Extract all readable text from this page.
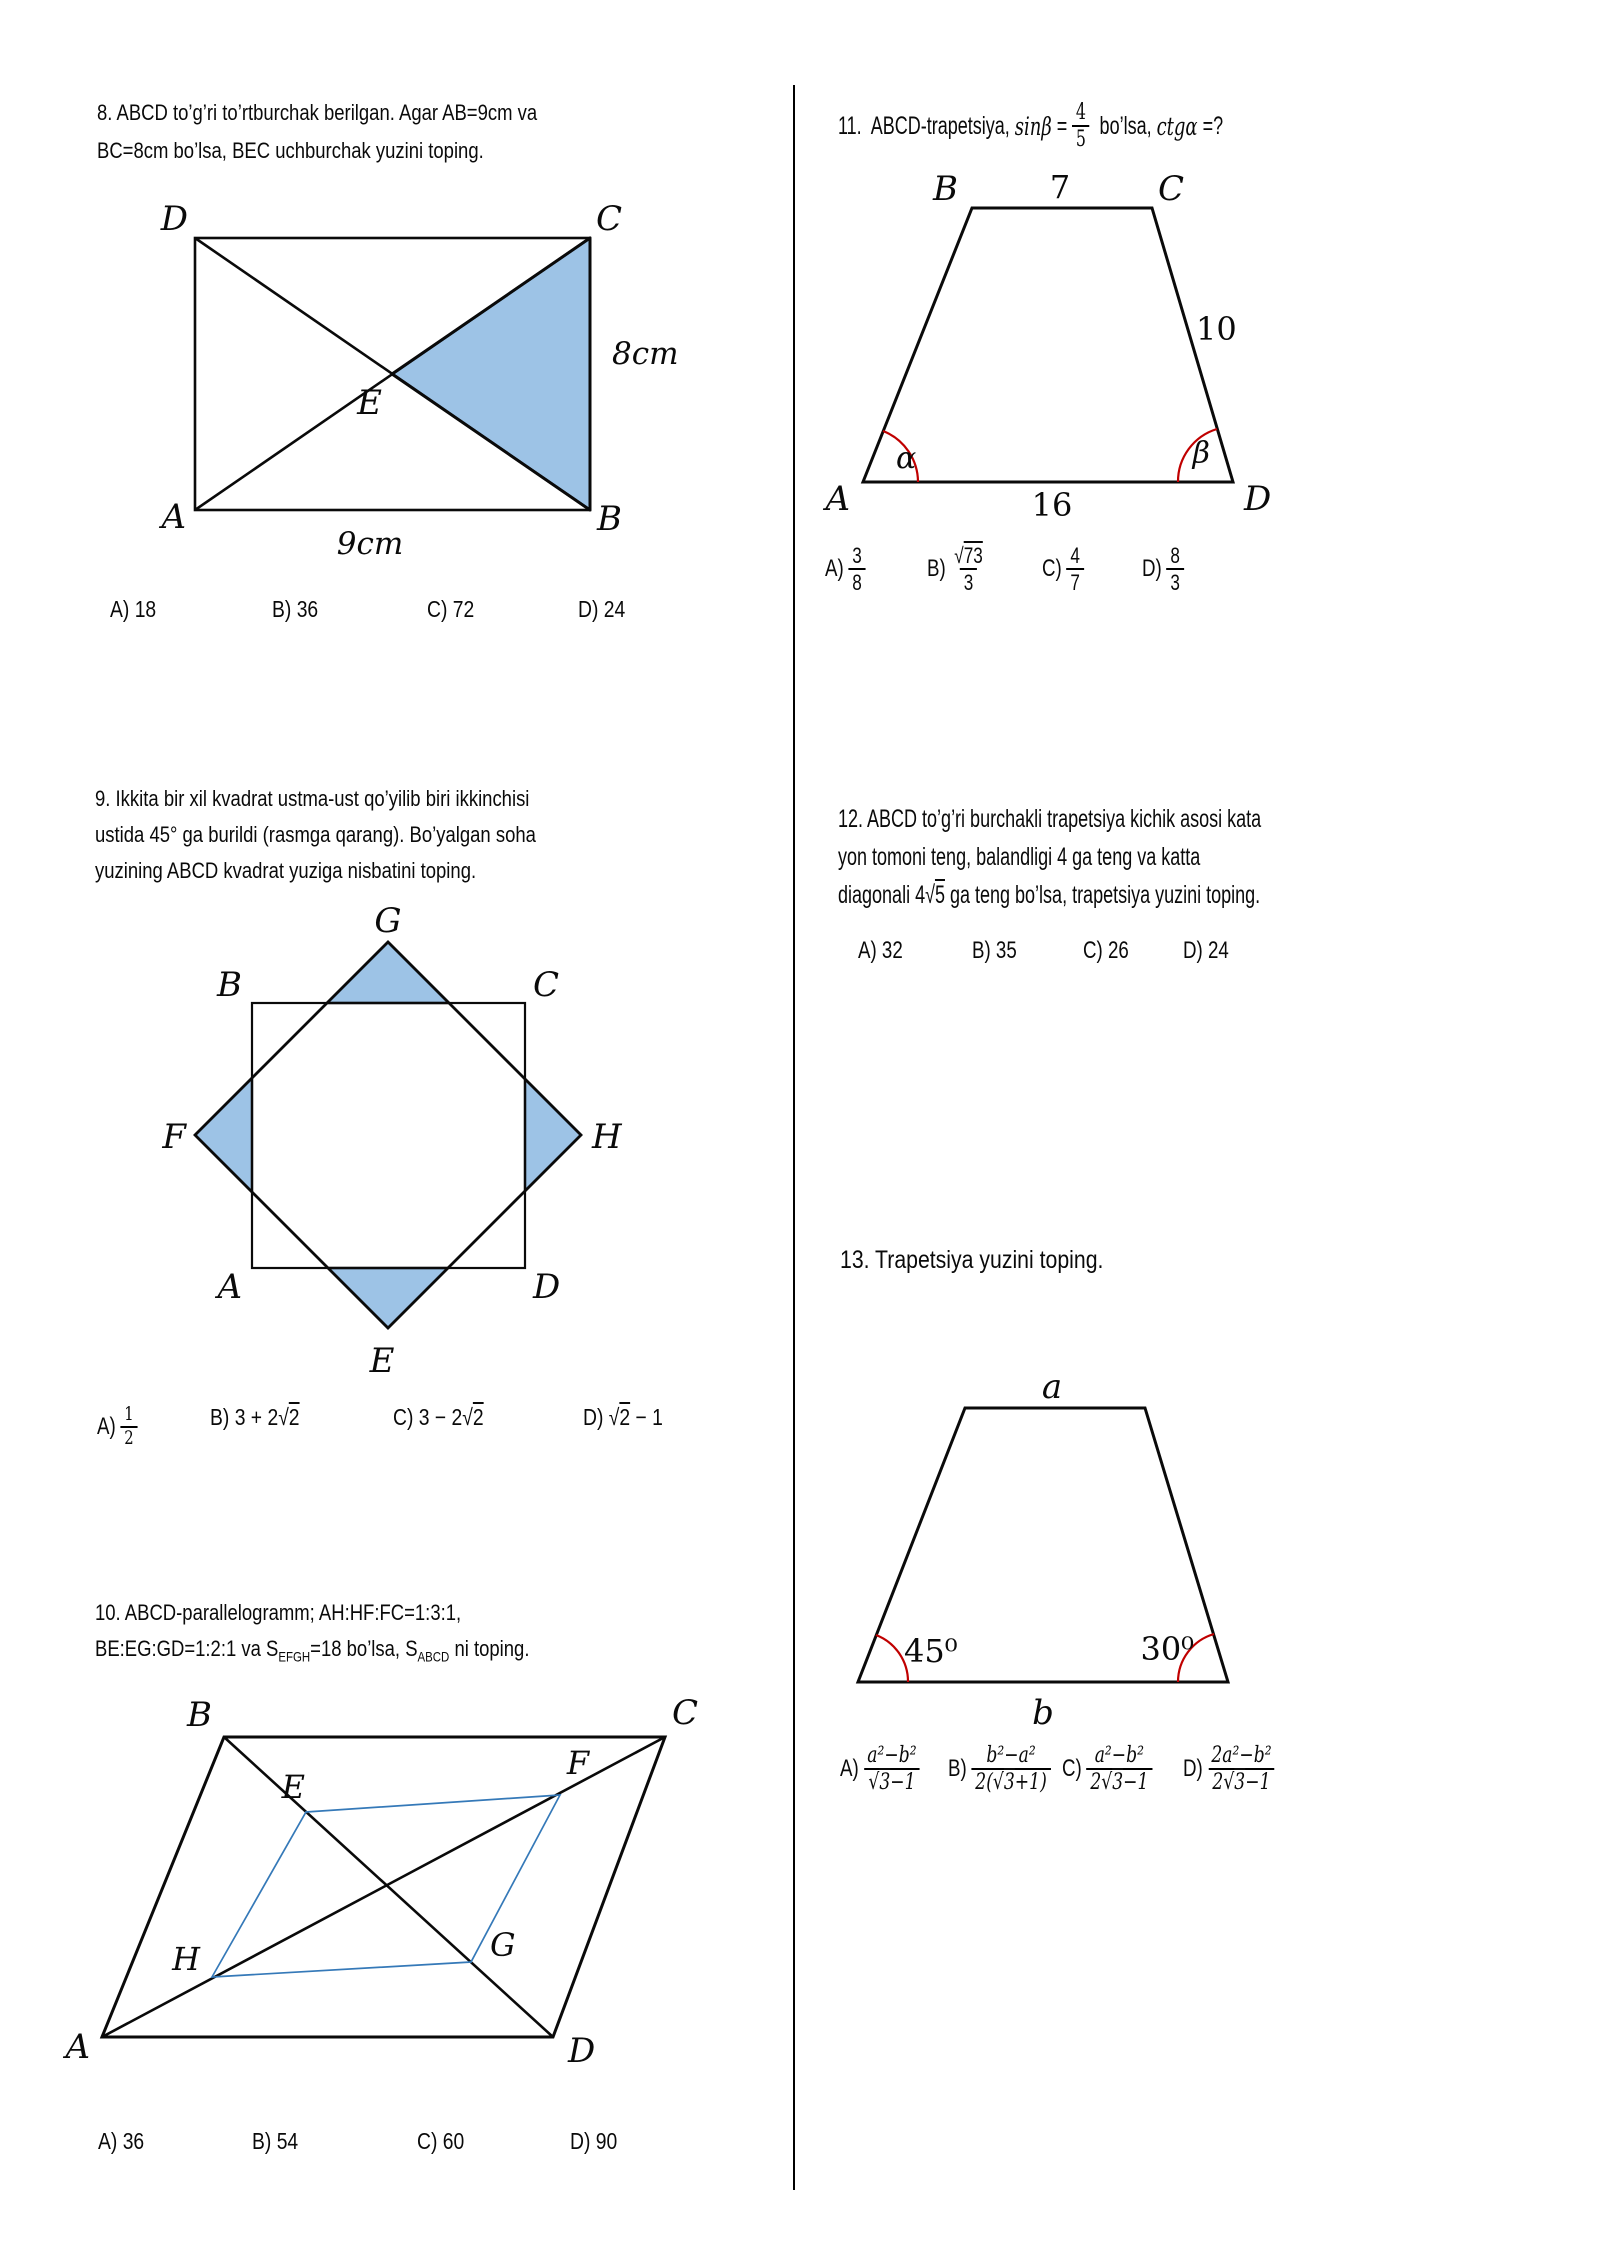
8. ABCD to’g’ri to’rtburchak berilgan. Agar AB=9cm va
BC=8cm bo’lsa, BEC uchburchak yuzini toping.
D	C
A	B
E
8cm
9cm
A) 18	B) 36	C) 72	D) 24
9. Ikkita bir xil kvadrat ustma-ust qo’yilib biri ikkinchisi
ustida 45° ga burildi (rasmga qarang). Bo’yalgan soha
yuzining ABCD kvadrat yuziga nisbatini toping.
G
B	C
F	H
A	D
E
$A) \frac{1}{2}$	B) 3 + 2√2	C) 3 − 2√2	D) √2 − 1
10. ABCD-parallelogramm; AH:HF:FC=1:3:1,
BE:EG:GD=1:2:1 va $S_{EFGH}=18$ bo’lsa, $S_{ABCD}$ ni toping.
B	C
A	D
E
F
G
H
A) 36	B) 54	C) 60	D) 90
11.  ABCD-trapetsiya, $\sin\beta = \frac{4}{5}$ bo’lsa, ctgα =?
B	C
A	D
7
10
16
α	β
$A) \frac{3}{8}$	$B) \frac{√73}{3} C) \frac{4}{7} D) \frac{8}{3}$
12. ABCD to’g’ri burchakli trapetsiya kichik asosi kata
yon tomoni teng, balandligi 4 ga teng va katta
diagonali 4√5 ga teng bo’lsa, trapetsiya yuzini toping.
A) 32	B) 35	C) 26 D) 24
13. Trapetsiya yuzini toping.
a
b
45⁰	30⁰
$A) \frac{\text{a²−b²}}{√3-1} B) \frac{\text{b²−a²}}{2(√3+1)} C) \frac{\text{a²−b²}}{2√3-1} D) \frac{\text{2a²−b²}}{2√3-1}$
